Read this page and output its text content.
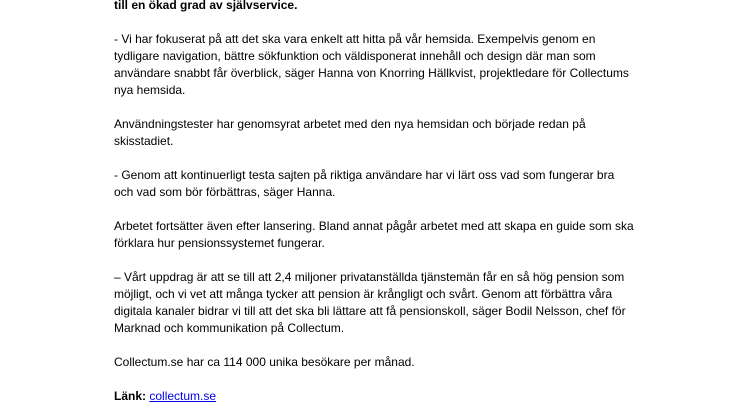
till en ökad grad av självservice.
- Vi har fokuserat på att det ska vara enkelt att hitta på vår hemsida. Exempelvis genom en
tydligare navigation, bättre sökfunktion och väldisponerat innehåll och design där man som
användare snabbt får överblick, säger Hanna von Knorring Hällkvist, projektledare för Collectums
nya hemsida.
Användningstester har genomsyrat arbetet med den nya hemsidan och började redan på
skisstadiet.
- Genom att kontinuerligt testa sajten på riktiga användare har vi lärt oss vad som fungerar bra
och vad som bör förbättras, säger Hanna.
Arbetet fortsätter även efter lansering. Bland annat pågår arbetet med att skapa en guide som ska
förklara hur pensionssystemet fungerar.
– Vårt uppdrag är att se till att 2,4 miljoner privatanställda tjänstemän får en så hög pension som
möjligt, och vi vet att många tycker att pension är krångligt och svårt. Genom att förbättra våra
digitala kanaler bidrar vi till att det ska bli lättare att få pensionskoll, säger Bodil Nelsson, chef för
Marknad och kommunikation på Collectum.
Collectum.se har ca 114 000 unika besökare per månad.
Länk: collectum.se
